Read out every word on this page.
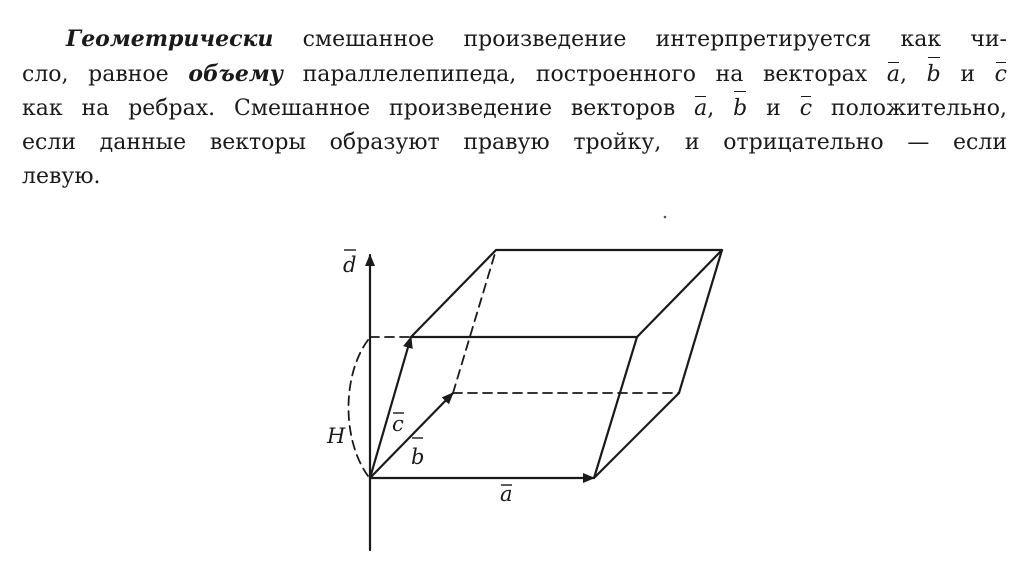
Геометрически смешанное произведение интерпретируется как чи-
сло, равное объему параллелепипеда, построенного на векторах a, b и c
как на ребрах. Смешанное произведение векторов a, b и c положительно,
если данные векторы образуют правую тройку, и отрицательно — если
левую.
d
H c
b
a
